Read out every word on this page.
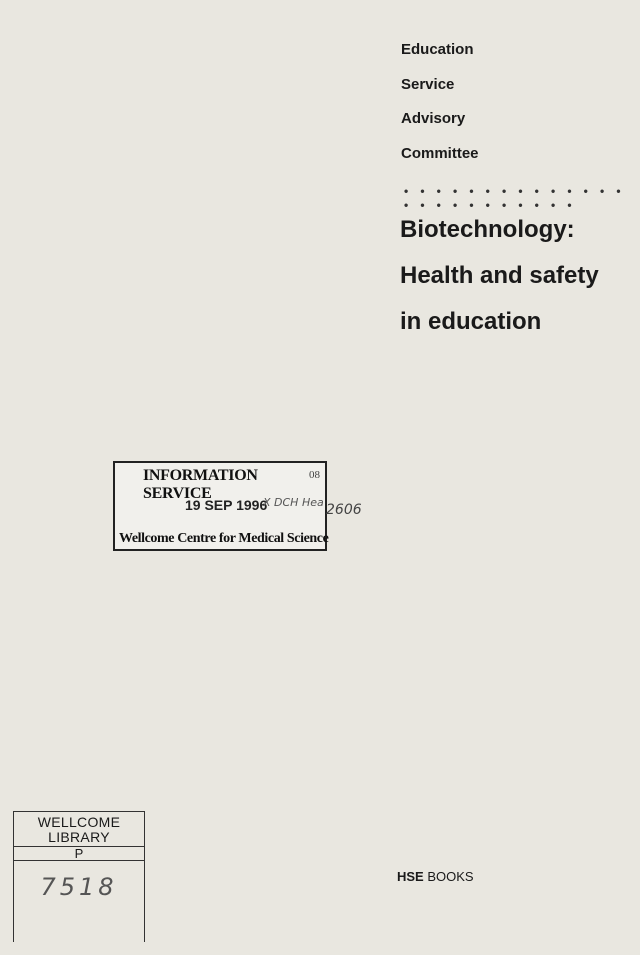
Education
Service
Advisory
Committee
• • • • • • • • • • • • • • • • • • • • • • • • •
Biotechnology:
Health and safety
in education
INFORMATION SERVICE
08
19 SEP 1996
X DCH Hea
Wellcome Centre for Medical Science
2606
HSE BOOKS
WELLCOME
LIBRARY
P
7518
